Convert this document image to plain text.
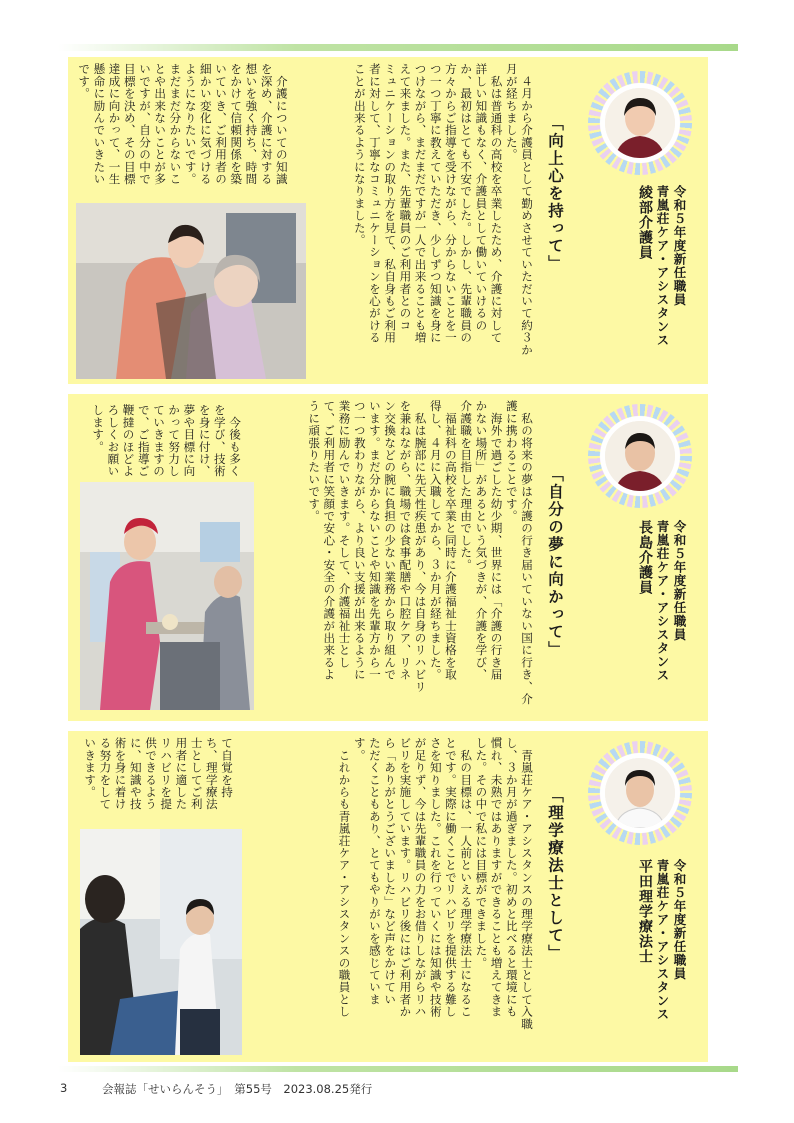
令和５年度新任職員
青嵐荘ケア・アシスタンス
綾部介護員
「向上心を持って」
　４月から介護員として勤めさせていただいて約３か
月が経ちました。
　私は普通科の高校を卒業したため、介護に対して
詳しい知識もなく、介護員として働いていけるの
か、最初はとても不安でした。しかし、先輩職員の
方々からご指導を受けながら、分からないことを一
つ一つ丁寧に教えていただき、少しずつ知識を身に
つけながら、まだまだですが一人で出来ることも増
えて来ました。また、先輩職員のご利用者とのコ
ミュニケーションの取り方を見て、私自身もご利用
者に対して、丁寧なコミュニケーションを心がける
ことが出来るようになりました。
　介護についての知識
を深め、介護に対する
想いを強く持ち、時間
をかけて信頼関係を築
いていき、ご利用者の
細かい変化に気づける
ようになりたいです。
まだまだ分からないこ
とや出来ないことが多
いですが、自分の中で
目標を決め、その目標
達成に向かって、一生
懸命に励んでいきたい
です。
令和５年度新任職員
青嵐荘ケア・アシスタンス
長島介護員
「自分の夢に向かって」
　私の将来の夢は介護の行き届いていない国に行き、介
護に携わることです。
　海外で過ごした幼少期、世界には「介護の行き届
かない場所」があるという気づきが、介護を学び、
介護職を目指した理由でした。
　福祉科の高校を卒業と同時に介護福祉士資格を取
得し、４月に入職してから、３か月が経ちました。
　私は腕部に先天性疾患があり、今は自身のリハビリ
を兼ねながら、職場では食事配膳や口腔ケア、リネ
ン交換などの腕に負担の少ない業務から取り組んで
います。まだ分からないことや知識を先輩方から一
つ一つ教わりながら、より良い支援が出来るように
業務に励んでいきます。そして、介護福祉士とし
て、ご利用者に笑顔で安心・安全の介護が出来るよ
うに頑張りたいです。
　今後も多く
を学び、技術
を身に付け、
夢や目標に向
かって努力し
ていきますの
で、ご指導ご
鞭撻のほどよ
ろしくお願い
します。
令和５年度新任職員
青嵐荘ケア・アシスタンス
平田理学療法士
「理学療法士として」
　青嵐荘ケア・アシスタンスの理学療法士として入職
し、３か月が過ぎました。初めと比べると環境にも
慣れ、未熟ではありますができることも増えてきま
した。その中で私には目標ができました。
　私の目標は、一人前といえる理学療法士になるこ
とです。実際に働くことでリハビリを提供する難し
さを知りました。これを行っていくには知識や技術
が足りず、今は先輩職員の力をお借りしながらリハ
ビリを実施しています。リハビリ後にはご利用者か
ら「ありがとうございました」など声をかけてい
ただくこともあり、とてもやりがいを感じていま
す。
　これからも青嵐荘ケア・アシスタンスの職員とし
て自覚を持
ち、理学療法
士としてご利
用者に適した
リハビリを提
供できるよう
に、知識や技
術を身に着け
る努力をして
いきます。
3	会報誌「せいらんそう」　第55号　2023.08.25発行
